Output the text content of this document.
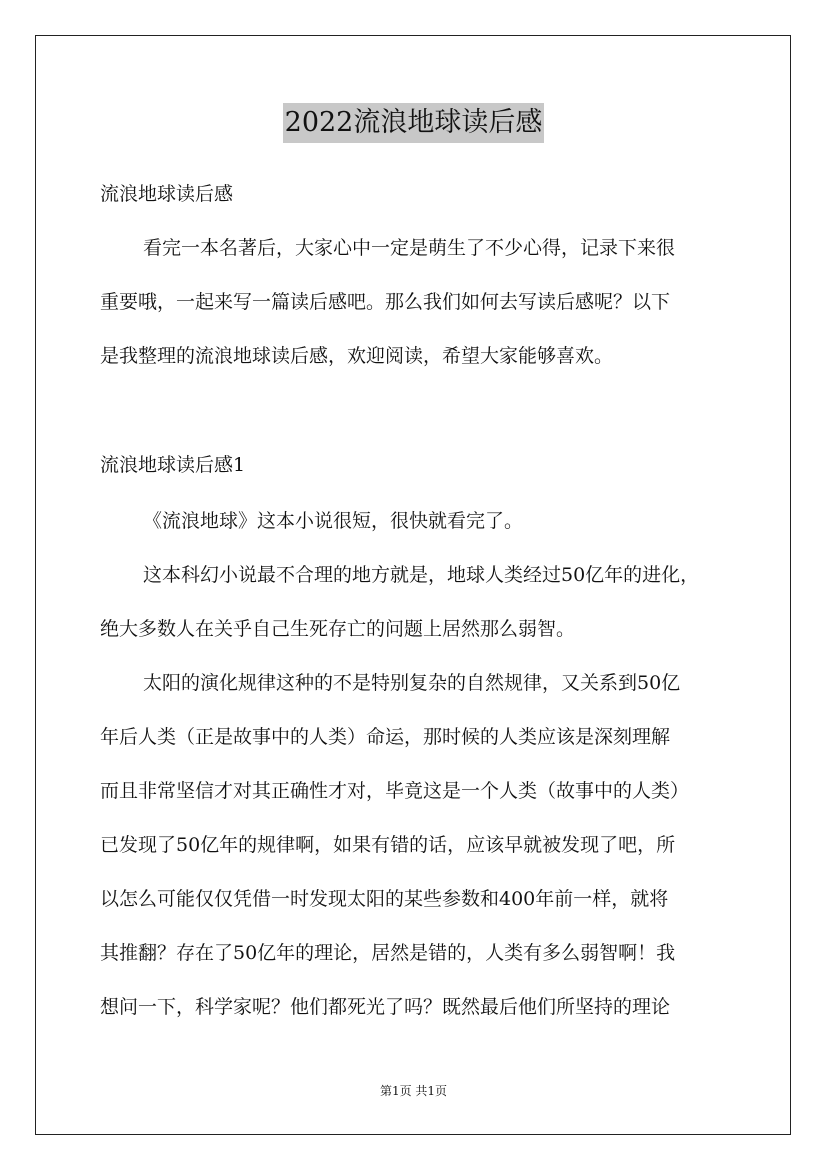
2022流浪地球读后感
流浪地球读后感
看完一本名著后，大家心中一定是萌生了不少心得，记录下来很
重要哦，一起来写一篇读后感吧。那么我们如何去写读后感呢？以下
是我整理的流浪地球读后感，欢迎阅读，希望大家能够喜欢。
流浪地球读后感1
《流浪地球》这本小说很短，很快就看完了。
这本科幻小说最不合理的地方就是，地球人类经过50亿年的进化，
绝大多数人在关乎自己生死存亡的问题上居然那么弱智。
太阳的演化规律这种的不是特别复杂的自然规律，又关系到50亿
年后人类（正是故事中的人类）命运，那时候的人类应该是深刻理解
而且非常坚信才对其正确性才对，毕竟这是一个人类（故事中的人类）
已发现了50亿年的规律啊，如果有错的话，应该早就被发现了吧，所
以怎么可能仅仅凭借一时发现太阳的某些参数和400年前一样，就将
其推翻？存在了50亿年的理论，居然是错的，人类有多么弱智啊！我
想问一下，科学家呢？他们都死光了吗？既然最后他们所坚持的理论
第1页 共1页
